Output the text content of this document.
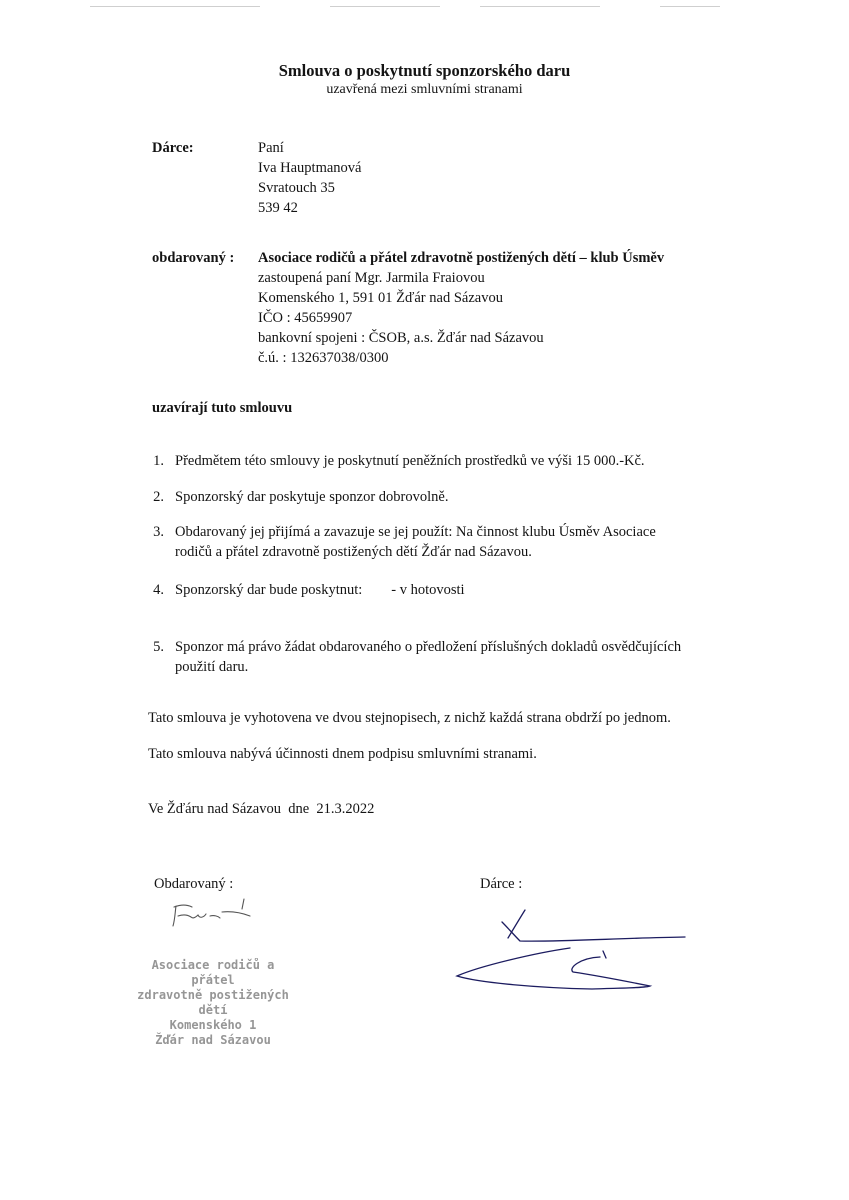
Smlouva o poskytnutí sponzorského daru
uzavřená mezi smluvními stranami
Dárce:	Paní
Iva Hauptmanová
Svratouch 35
539 42
obdarovaný : Asociace rodičů a přátel zdravotně postižených dětí – klub Úsměv
zastoupená paní Mgr. Jarmila Fraiovou
Komenského 1, 591 01 Žďár nad Sázavou
IČO : 45659907
bankovní spojeni : ČSOB, a.s. Žďár nad Sázavou
č.ú. : 132637038/0300
uzavírají tuto smlouvu
1. Předmětem této smlouvy je poskytnutí peněžních prostředků ve výši 15 000.-Kč.
2. Sponzorský dar poskytuje sponzor dobrovolně.
3. Obdarovaný jej přijímá a zavazuje se jej použít: Na činnost klubu Úsměv Asociace
rodičů a přátel zdravotně postižených dětí Žďár nad Sázavou.
4. Sponzorský dar bude poskytnut:        - v hotovosti
5. Sponzor má právo žádat obdarovaného o předložení příslušných dokladů osvědčujících
použití daru.
Tato smlouva je vyhotovena ve dvou stejnopisech, z nichž každá strana obdrží po jednom.
Tato smlouva nabývá účinnosti dnem podpisu smluvními stranami.
Ve Žďáru nad Sázavou  dne  21.3.2022
Obdarovaný :	Dárce :
Asociace rodičů a přátel
zdravotně postižených dětí
Komenského 1
Žďár nad Sázavou
